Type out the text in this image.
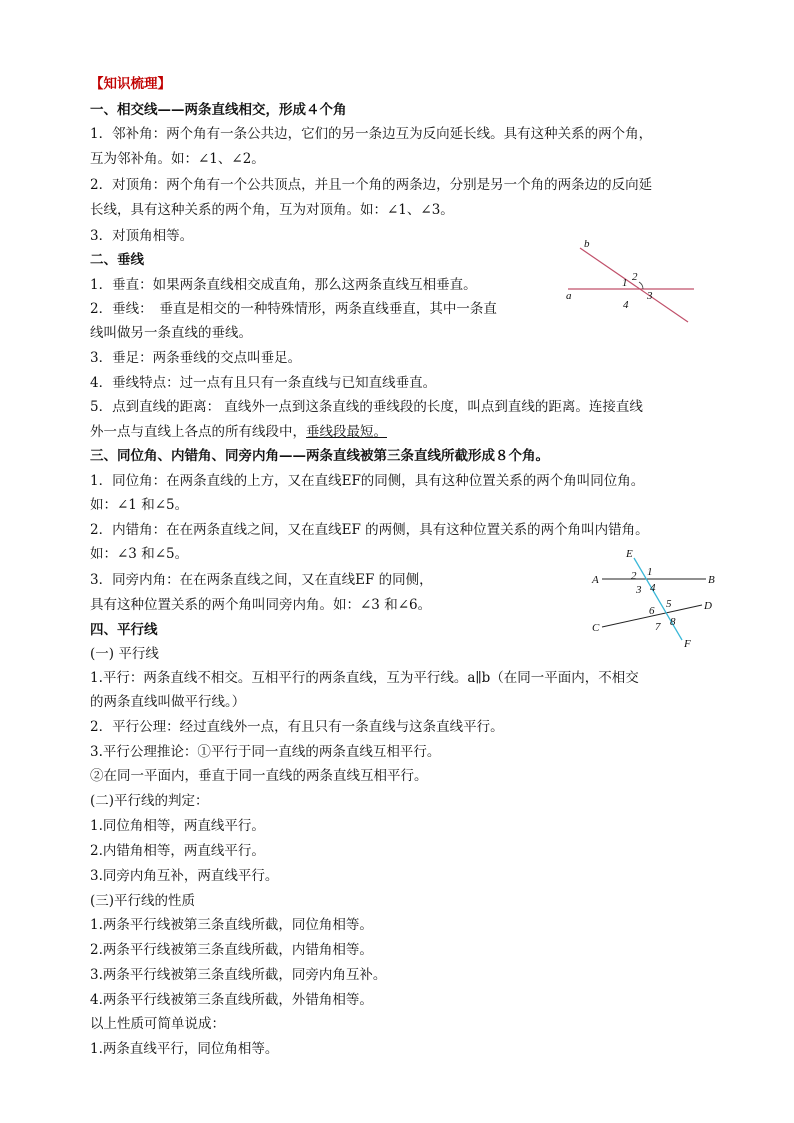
【知识梳理】
一、相交线——两条直线相交，形成４个角
1．邻补角：两个角有一条公共边，它们的另一条边互为反向延长线。具有这种关系的两个角，
互为邻补角。如：∠1、∠2。
2．对顶角：两个角有一个公共顶点，并且一个角的两条边，分别是另一个角的两条边的反向延
长线，具有这种关系的两个角，互为对顶角。如：∠1、∠3。
3．对顶角相等。
二、垂线
1．垂直：如果两条直线相交成直角，那么这两条直线互相垂直。
2．垂线：　垂直是相交的一种特殊情形，两条直线垂直，其中一条直
线叫做另一条直线的垂线。
3．垂足：两条垂线的交点叫垂足。
4．垂线特点：过一点有且只有一条直线与已知直线垂直。
5．点到直线的距离： 直线外一点到这条直线的垂线段的长度，叫点到直线的距离。连接直线
外一点与直线上各点的所有线段中，垂线段最短。
三、同位角、内错角、同旁内角——两条直线被第三条直线所截形成８个角。
1．同位角：在两条直线的上方，又在直线EF的同侧，具有这种位置关系的两个角叫同位角。
如：∠1 和∠5。
2．内错角：在在两条直线之间，又在直线EF 的两侧，具有这种位置关系的两个角叫内错角。
如：∠3 和∠5。
3．同旁内角：在在两条直线之间，又在直线EF 的同侧，
具有这种位置关系的两个角叫同旁内角。如：∠3 和∠6。
四、平行线
(一) 平行线
1.平行：两条直线不相交。互相平行的两条直线，互为平行线。a∥b（在同一平面内，不相交
的两条直线叫做平行线。）
2．平行公理：经过直线外一点，有且只有一条直线与这条直线平行。
3.平行公理推论：①平行于同一直线的两条直线互相平行。
②在同一平面内，垂直于同一直线的两条直线互相平行。
(二)平行线的判定：
1.同位角相等，两直线平行。
2.内错角相等，两直线平行。
3.同旁内角互补，两直线平行。
(三)平行线的性质
1.两条平行线被第三条直线所截，同位角相等。
2.两条平行线被第三条直线所截，内错角相等。
3.两条平行线被第三条直线所截，同旁内角互补。
4.两条平行线被第三条直线所截，外错角相等。
以上性质可简单说成：
1.两条直线平行，同位角相等。
b
a
1 2
3
4
E
A	B
C
D
F
1
2
3 4
5
6
7 8
